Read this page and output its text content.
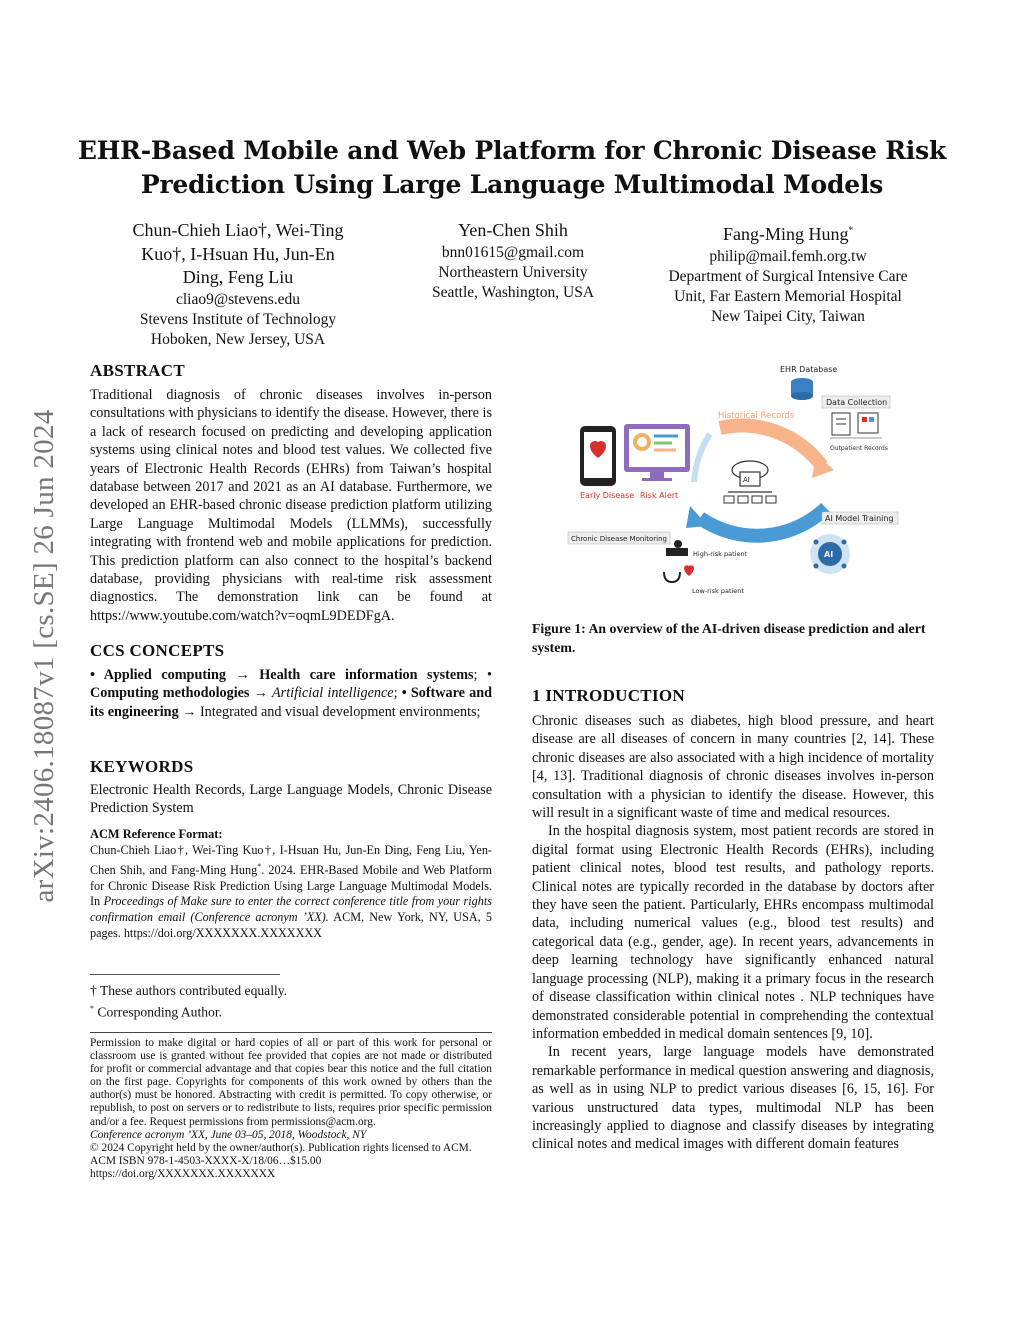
arXiv:2406.18087v1 [cs.SE] 26 Jun 2024
EHR-Based Mobile and Web Platform for Chronic Disease Risk
Prediction Using Large Language Multimodal Models
Chun-Chieh Liao†, Wei-Ting
Kuo†, I-Hsuan Hu, Jun-En
Ding, Feng Liu
cliao9@stevens.edu
Stevens Institute of Technology
Hoboken, New Jersey, USA
Yen-Chen Shih
bnn01615@gmail.com
Northeastern University
Seattle, Washington, USA
Fang-Ming Hung*
philip@mail.femh.org.tw
Department of Surgical Intensive Care
Unit, Far Eastern Memorial Hospital
New Taipei City, Taiwan
ABSTRACT
Traditional diagnosis of chronic diseases involves in-person consultations with physicians to identify the disease. However, there is a lack of research focused on predicting and developing application systems using clinical notes and blood test values. We collected five years of Electronic Health Records (EHRs) from Taiwan’s hospital database between 2017 and 2021 as an AI database. Furthermore, we developed an EHR-based chronic disease prediction platform utilizing Large Language Multimodal Models (LLMMs), successfully integrating with frontend web and mobile applications for prediction. This prediction platform can also connect to the hospital’s backend database, providing physicians with real-time risk assessment diagnostics. The demonstration link can be found at https://www.youtube.com/watch?v=oqmL9DEDFgA.
CCS CONCEPTS
• Applied computing → Health care information systems; • Computing methodologies → Artificial intelligence; • Software and its engineering → Integrated and visual development environments;
KEYWORDS
Electronic Health Records, Large Language Models, Chronic Disease Prediction System
ACM Reference Format:
Chun-Chieh Liao†, Wei-Ting Kuo†, I-Hsuan Hu, Jun-En Ding, Feng Liu, Yen-Chen Shih, and Fang-Ming Hung*. 2024. EHR-Based Mobile and Web Platform for Chronic Disease Risk Prediction Using Large Language Multimodal Models. In Proceedings of Make sure to enter the correct conference title from your rights confirmation email (Conference acronym ’XX). ACM, New York, NY, USA, 5 pages. https://doi.org/XXXXXXX.XXXXXXX
† These authors contributed equally.
* Corresponding Author.
Permission to make digital or hard copies of all or part of this work for personal or classroom use is granted without fee provided that copies are not made or distributed for profit or commercial advantage and that copies bear this notice and the full citation on the first page. Copyrights for components of this work owned by others than the author(s) must be honored. Abstracting with credit is permitted. To copy otherwise, or republish, to post on servers or to redistribute to lists, requires prior specific permission and/or a fee. Request permissions from permissions@acm.org.
Conference acronym ’XX, June 03–05, 2018, Woodstock, NY
© 2024 Copyright held by the owner/author(s). Publication rights licensed to ACM.
ACM ISBN 978-1-4503-XXXX-X/18/06…$15.00
https://doi.org/XXXXXXX.XXXXXXX
EHR Database
Data Collection
Outpatient Records
Historical Records
Early Disease Risk Alert
AI
AI Model Training
AI
Chronic Disease Monitoring
High-risk patient
Low-risk patient
Figure 1: An overview of the AI-driven disease prediction and alert system.
1 INTRODUCTION
Chronic diseases such as diabetes, high blood pressure, and heart disease are all diseases of concern in many countries [2, 14]. These chronic diseases are also associated with a high incidence of mortality [4, 13]. Traditional diagnosis of chronic diseases involves in-person consultation with a physician to identify the disease. However, this will result in a significant waste of time and medical resources.
In the hospital diagnosis system, most patient records are stored in digital format using Electronic Health Records (EHRs), including patient clinical notes, blood test results, and pathology reports. Clinical notes are typically recorded in the database by doctors after they have seen the patient. Particularly, EHRs encompass multimodal data, including numerical values (e.g., blood test results) and categorical data (e.g., gender, age). In recent years, advancements in deep learning technology have significantly enhanced natural language processing (NLP), making it a primary focus in the research of disease classification within clinical notes . NLP techniques have demonstrated considerable potential in comprehending the contextual information embedded in medical domain sentences [9, 10].
In recent years, large language models have demonstrated remarkable performance in medical question answering and diagnosis, as well as in using NLP to predict various diseases [6, 15, 16]. For various unstructured data types, multimodal NLP has been increasingly applied to diagnose and classify diseases by integrating clinical notes and medical images with different domain features
